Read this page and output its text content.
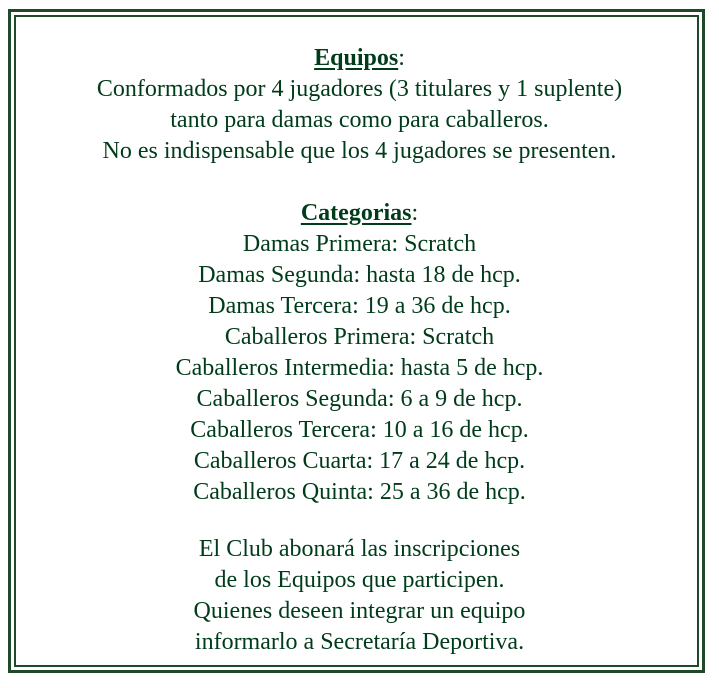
Equipos:
Conformados por 4 jugadores (3 titulares y 1 suplente)
tanto para damas como para caballeros.
No es indispensable que los 4 jugadores se presenten.
Categorias:
Damas Primera: Scratch
Damas Segunda: hasta 18 de hcp.
Damas Tercera: 19 a 36 de hcp.
Caballeros Primera: Scratch
Caballeros Intermedia: hasta 5 de hcp.
Caballeros Segunda: 6 a 9 de hcp.
Caballeros Tercera: 10 a 16 de hcp.
Caballeros Cuarta: 17 a 24 de hcp.
Caballeros Quinta: 25 a 36 de hcp.
El Club abonará las inscripciones
de los Equipos que participen.
Quienes deseen integrar un equipo
informarlo a Secretaría Deportiva.
